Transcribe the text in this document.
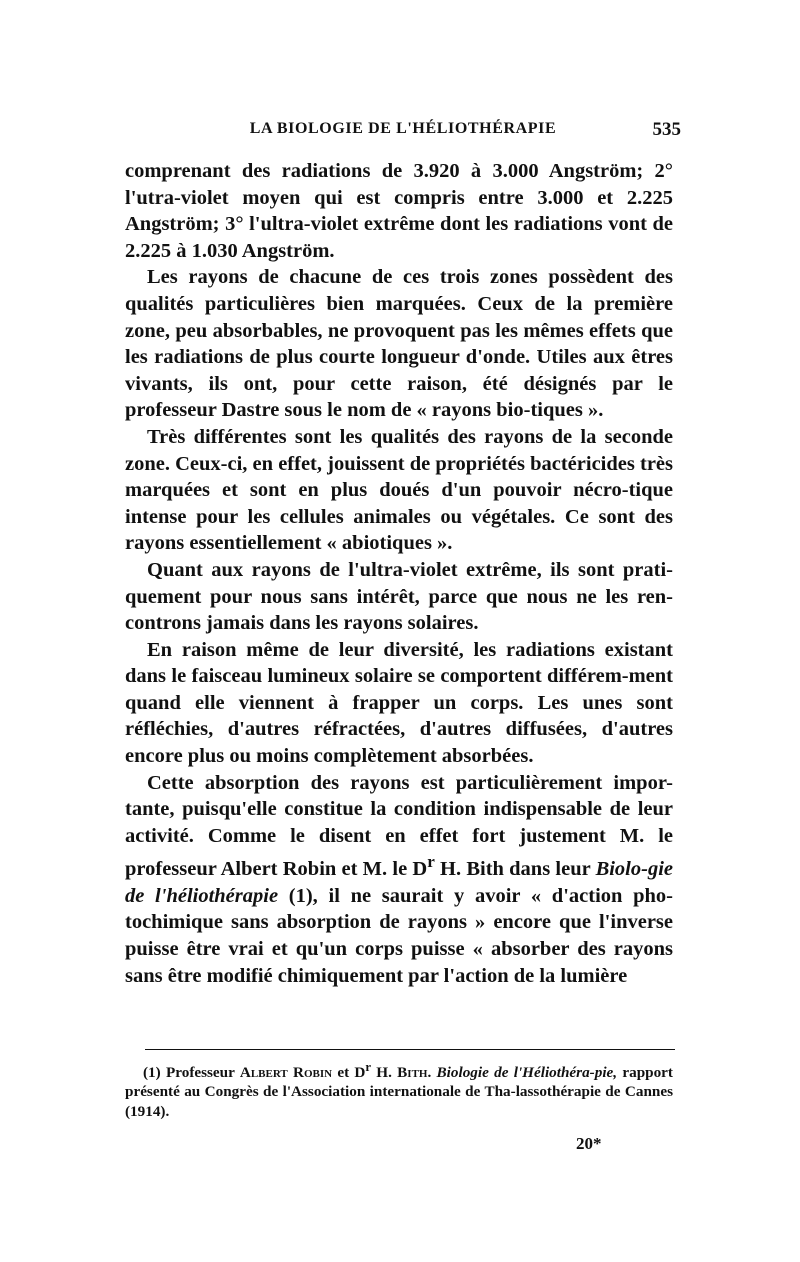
LA BIOLOGIE DE L'HÉLIOTHÉRAPIE	535

comprenant des radiations de 3.920 à 3.000 Angström; 2° l'utra-violet moyen qui est compris entre 3.000 et 2.225 Angström; 3° l'ultra-violet extrême dont les radiations vont de 2.225 à 1.030 Angström.

Les rayons de chacune de ces trois zones possèdent des qualités particulières bien marquées. Ceux de la première zone, peu absorbables, ne provoquent pas les mêmes effets que les radiations de plus courte longueur d'onde. Utiles aux êtres vivants, ils ont, pour cette raison, été désignés par le professeur Dastre sous le nom de « rayons bio-tiques ».

Très différentes sont les qualités des rayons de la seconde zone. Ceux-ci, en effet, jouissent de propriétés bactéricides très marquées et sont en plus doués d'un pouvoir nécro-tique intense pour les cellules animales ou végétales. Ce sont des rayons essentiellement « abiotiques ».

Quant aux rayons de l'ultra-violet extrême, ils sont prati-quement pour nous sans intérêt, parce que nous ne les ren-controns jamais dans les rayons solaires.

En raison même de leur diversité, les radiations existant dans le faisceau lumineux solaire se comportent différem-ment quand elle viennent à frapper un corps. Les unes sont réfléchies, d'autres réfractées, d'autres diffusées, d'autres encore plus ou moins complètement absorbées.

Cette absorption des rayons est particulièrement impor-tante, puisqu'elle constitue la condition indispensable de leur activité. Comme le disent en effet fort justement M. le professeur Albert Robin et M. le $D^r$ H. Bith dans leur Biolo-gie de l'héliothérapie (1), il ne saurait y avoir « d'action pho-tochimique sans absorption de rayons » encore que l'inverse puisse être vrai et qu'un corps puisse « absorber des rayons sans être modifié chimiquement par l'action de la lumière

(1) Professeur Albert Robin et $D^r$ H. Bith. Biologie de l'Héliothéra-pie, rapport présenté au Congrès de l'Association internationale de Tha-lassothérapie de Cannes (1914).

20*
